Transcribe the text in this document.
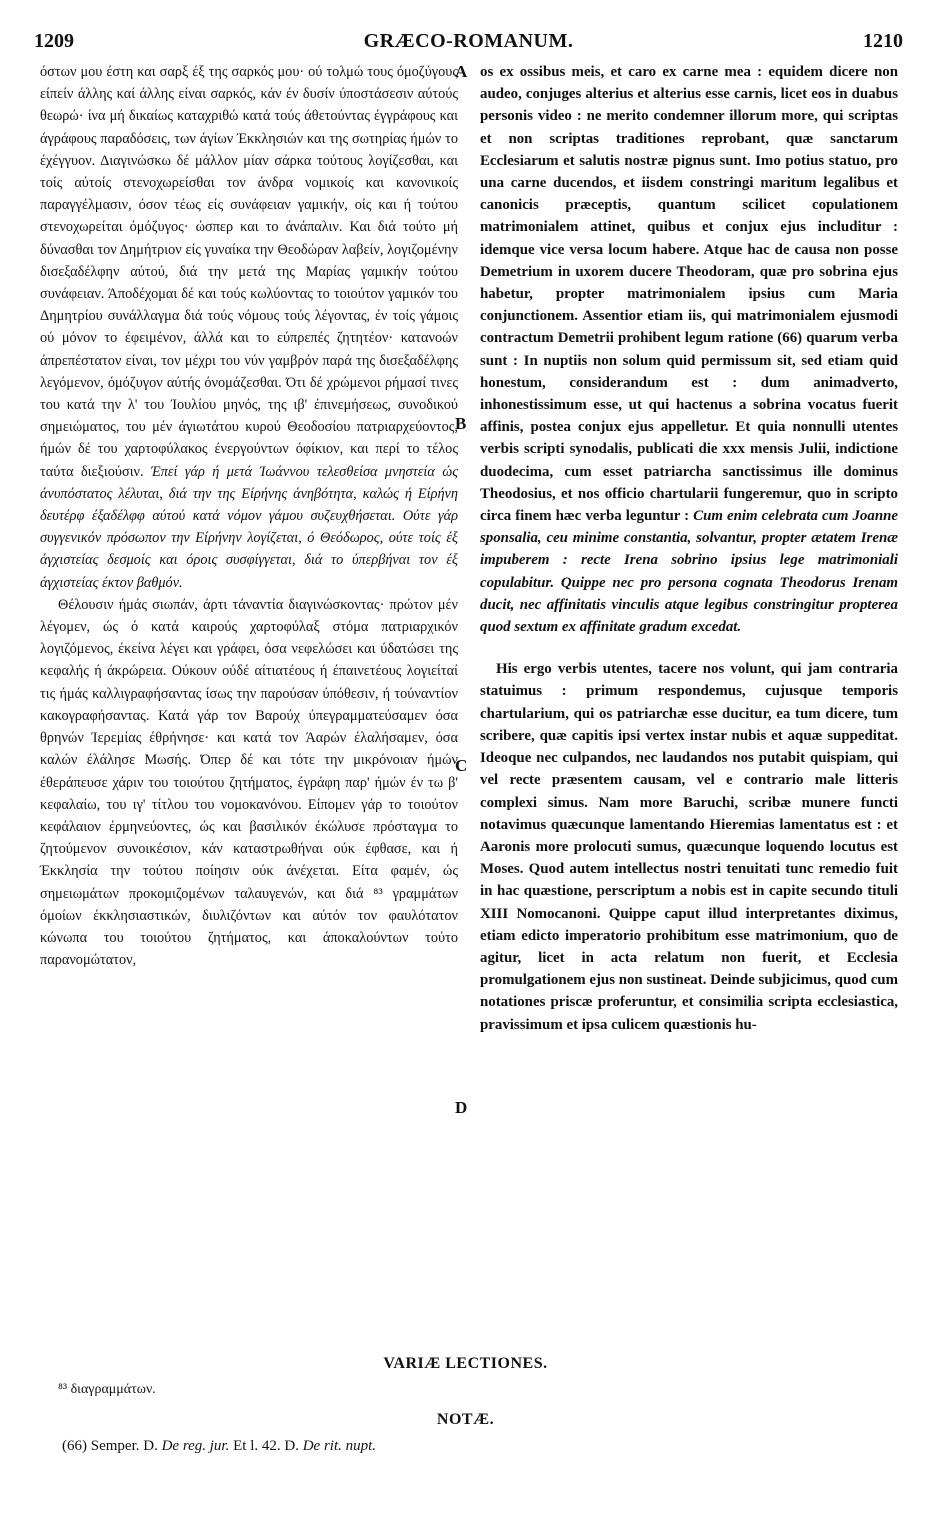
1209	GRÆCO-ROMANUM.	1210
A
B
C
D

όστων μου έστη και σαρξ έξ της σαρκός μου· ού τολμώ τους όμοζύγους είπείν άλλης καί άλλης είναι σαρκός, κάν έν δυσίν ύποστάσεσιν αύτούς θεωρώ· ίνα μή δικαίως καταχριθώ κατά τούς άθετούντας έγγράφους και άγράφους παραδόσεις, των άγίων Έκκλησιών και της σωτηρίας ήμών το έχέγγυον. Διαγινώσκω δέ μάλλον μίαν σάρκα τούτους λογίζεσθαι, και τοίς αύτοίς στενοχωρείσθαι τον άνδρα νομικοίς και κανονικοίς παραγγέλμασιν, όσον τέως είς συνάφειαν γαμικήν, οίς και ή τούτου στενοχωρείται όμόζυγος· ώσπερ και το άνάπαλιν. Και διά τούτο μή δύνασθαι τον Δημήτριον είς γυναίκα την Θεοδώραν λαβείν, λογιζομένην δισεξαδέλφην αύτού, διά την μετά της Μαρίας γαμικήν τούτου συνάφειαν. Άποδέχομαι δέ και τούς κωλύοντας το τοιούτον γαμικόν του Δημητρίου συνάλλαγμα διά τούς νόμους τούς λέγοντας, έν τοίς γάμοις ού μόνον το έφειμένον, άλλά και το εύπρεπές ζητητέον· κατανοών άπρεπέστατον είναι, τον μέχρι του νύν γαμβρόν παρά της δισεξαδέλφης λεγόμενον, όμόζυγον αύτής όνομάζεσθαι. Ότι δέ χρώμενοι ρήμασί τινες του κατά την λ' του Ίουλίου μηνός, της ιβ' έπινεμήσεως, συνοδικού σημειώματος, του μέν άγιωτάτου κυρού Θεοδοσίου πατριαρχεύοντος, ήμών δέ του χαρτοφύλακος ένεργούντων όφίκιον, και περί το τέλος ταύτα διεξιούσιν. Έπεί γάρ ή μετά Ίωάννου τελεσθείσα μνηστεία ώς άνυπόστατος λέλυται, διά την της Είρήνης άνηβότητα, καλώς ή Είρήνη δευτέρφ έξαδέλφφ αύτού κατά νόμον γάμου συζευχθήσεται. Ούτε γάρ συγγενικόν πρόσωπον την Είρήνην λογίζεται, ό Θεόδωρος, ούτε τοίς έξ άγχιστείας δεσμοίς και όροις συσφίγγεται, διά το ύπερβήναι τον έξ άγχιστείας έκτον βαθμόν.

Θέλουσιν ήμάς σιωπάν, άρτι τάναντία διαγινώσκοντας· πρώτον μέν λέγομεν, ώς ό κατά καιρούς χαρτοφύλαξ στόμα πατριαρχικόν λογιζόμενος, έκείνα λέγει και γράφει, όσα νεφελώσει και ύδατώσει της κεφαλής ή άκρώρεια. Ούκουν ούδέ αίτιατέους ή έπαινετέους λογιείταί τις ήμάς καλλιγραφήσαντας ίσως την παρούσαν ύπόθεσιν, ή τούναντίον κακογραφήσαντας. Κατά γάρ τον Βαρούχ ύπεγραμματεύσαμεν όσα θρηνών Ίερεμίας έθρήνησε· και κατά τον Άαρών έλαλήσαμεν, όσα καλών έλάλησε Μωσής. Όπερ δέ και τότε την μικρόνοιαν ήμών έθεράπευσε χάριν του τοιούτου ζητήματος, έγράφη παρ' ήμών έν τω β' κεφαλαίω, του ιγ' τίτλου του νομοκανόνου. Είπομεν γάρ το τοιούτον κεφάλαιον έρμηνεύοντες, ώς και βασιλικόν έκώλυσε πρόσταγμα το ζητούμενον συνοικέσιον, κάν καταστρωθήναι ούκ έφθασε, και ή Έκκλησία την τούτου ποίησιν ούκ άνέχεται. Είτα φαμέν, ώς σημειωμάτων προκομιζομένων ταλαυγενών, και διά ⁸³ γραμμάτων όμοίων έκκλησιαστικών, διυλιζόντων και αύτόν τον φαυλότατον κώνωπα του τοιούτου ζητήματος, και άποκαλούντων τούτο παρανομώτατον,

os ex ossibus meis, et caro ex carne mea : equidem dicere non audeo, conjuges alterius et alterius esse carnis, licet eos in duabus personis video : ne merito condemner illorum more, qui scriptas et non scriptas traditiones reprobant, quæ sanctarum Ecclesiarum et salutis nostræ pignus sunt. Imo potius statuo, pro una carne ducendos, et iisdem constringi maritum legalibus et canonicis præceptis, quantum scilicet copulationem matrimonialem attinet, quibus et conjux ejus includitur : idemque vice versa locum habere. Atque hac de causa non posse Demetrium in uxorem ducere Theodoram, quæ pro sobrina ejus habetur, propter matrimonialem ipsius cum Maria conjunctionem. Assentior etiam iis, qui matrimonialem ejusmodi contractum Demetrii prohibent legum ratione (66) quarum verba sunt : In nuptiis non solum quid permissum sit, sed etiam quid honestum, considerandum est : dum animadverto, inhonestissimum esse, ut qui hactenus a sobrina vocatus fuerit affinis, postea conjux ejus appelletur. Et quia nonnulli utentes verbis scripti synodalis, publicati die xxx mensis Julii, indictione duodecima, cum esset patriarcha sanctissimus ille dominus Theodosius, et nos officio chartularii fungeremur, quo in scripto circa finem hæc verba leguntur : Cum enim celebrata cum Joanne sponsalia, ceu minime constantia, solvantur, propter ætatem Irenæ impuberem : recte Irena sobrino ipsius lege matrimoniali copulabitur. Quippe nec pro persona cognata Theodorus Irenam ducit, nec affinitatis vinculis atque legibus constringitur propterea quod sextum ex affinitate gradum excedat.

His ergo verbis utentes, tacere nos volunt, qui jam contraria statuimus : primum respondemus, cujusque temporis chartularium, qui os patriarchæ esse ducitur, ea tum dicere, tum scribere, quæ capitis ipsi vertex instar nubis et aquæ suppeditat. Ideoque nec culpandos, nec laudandos nos putabit quispiam, qui vel recte præsentem causam, vel e contrario male litteris complexi simus. Nam more Baruchi, scribæ munere functi notavimus quæcunque lamentando Hieremias lamentatus est : et Aaronis more prolocuti sumus, quæcunque loquendo locutus est Moses. Quod autem intellectus nostri tenuitati tunc remedio fuit in hac quæstione, perscriptum a nobis est in capite secundo tituli XIII Nomocanoni. Quippe caput illud interpretantes diximus, etiam edicto imperatorio prohibitum esse matrimonium, quo de agitur, licet in acta relatum non fuerit, et Ecclesia promulgationem ejus non sustineat. Deinde subjicimus, quod cum notationes priscæ proferuntur, et consimilia scripta ecclesiastica, pravissimum et ipsa culicem quæstionis hu-

VARIÆ LECTIONES.
⁸³ διαγραμμάτων.
NOTÆ.
(66) Semper. D. De reg. jur. Et l. 42. D. De rit. nupt.
